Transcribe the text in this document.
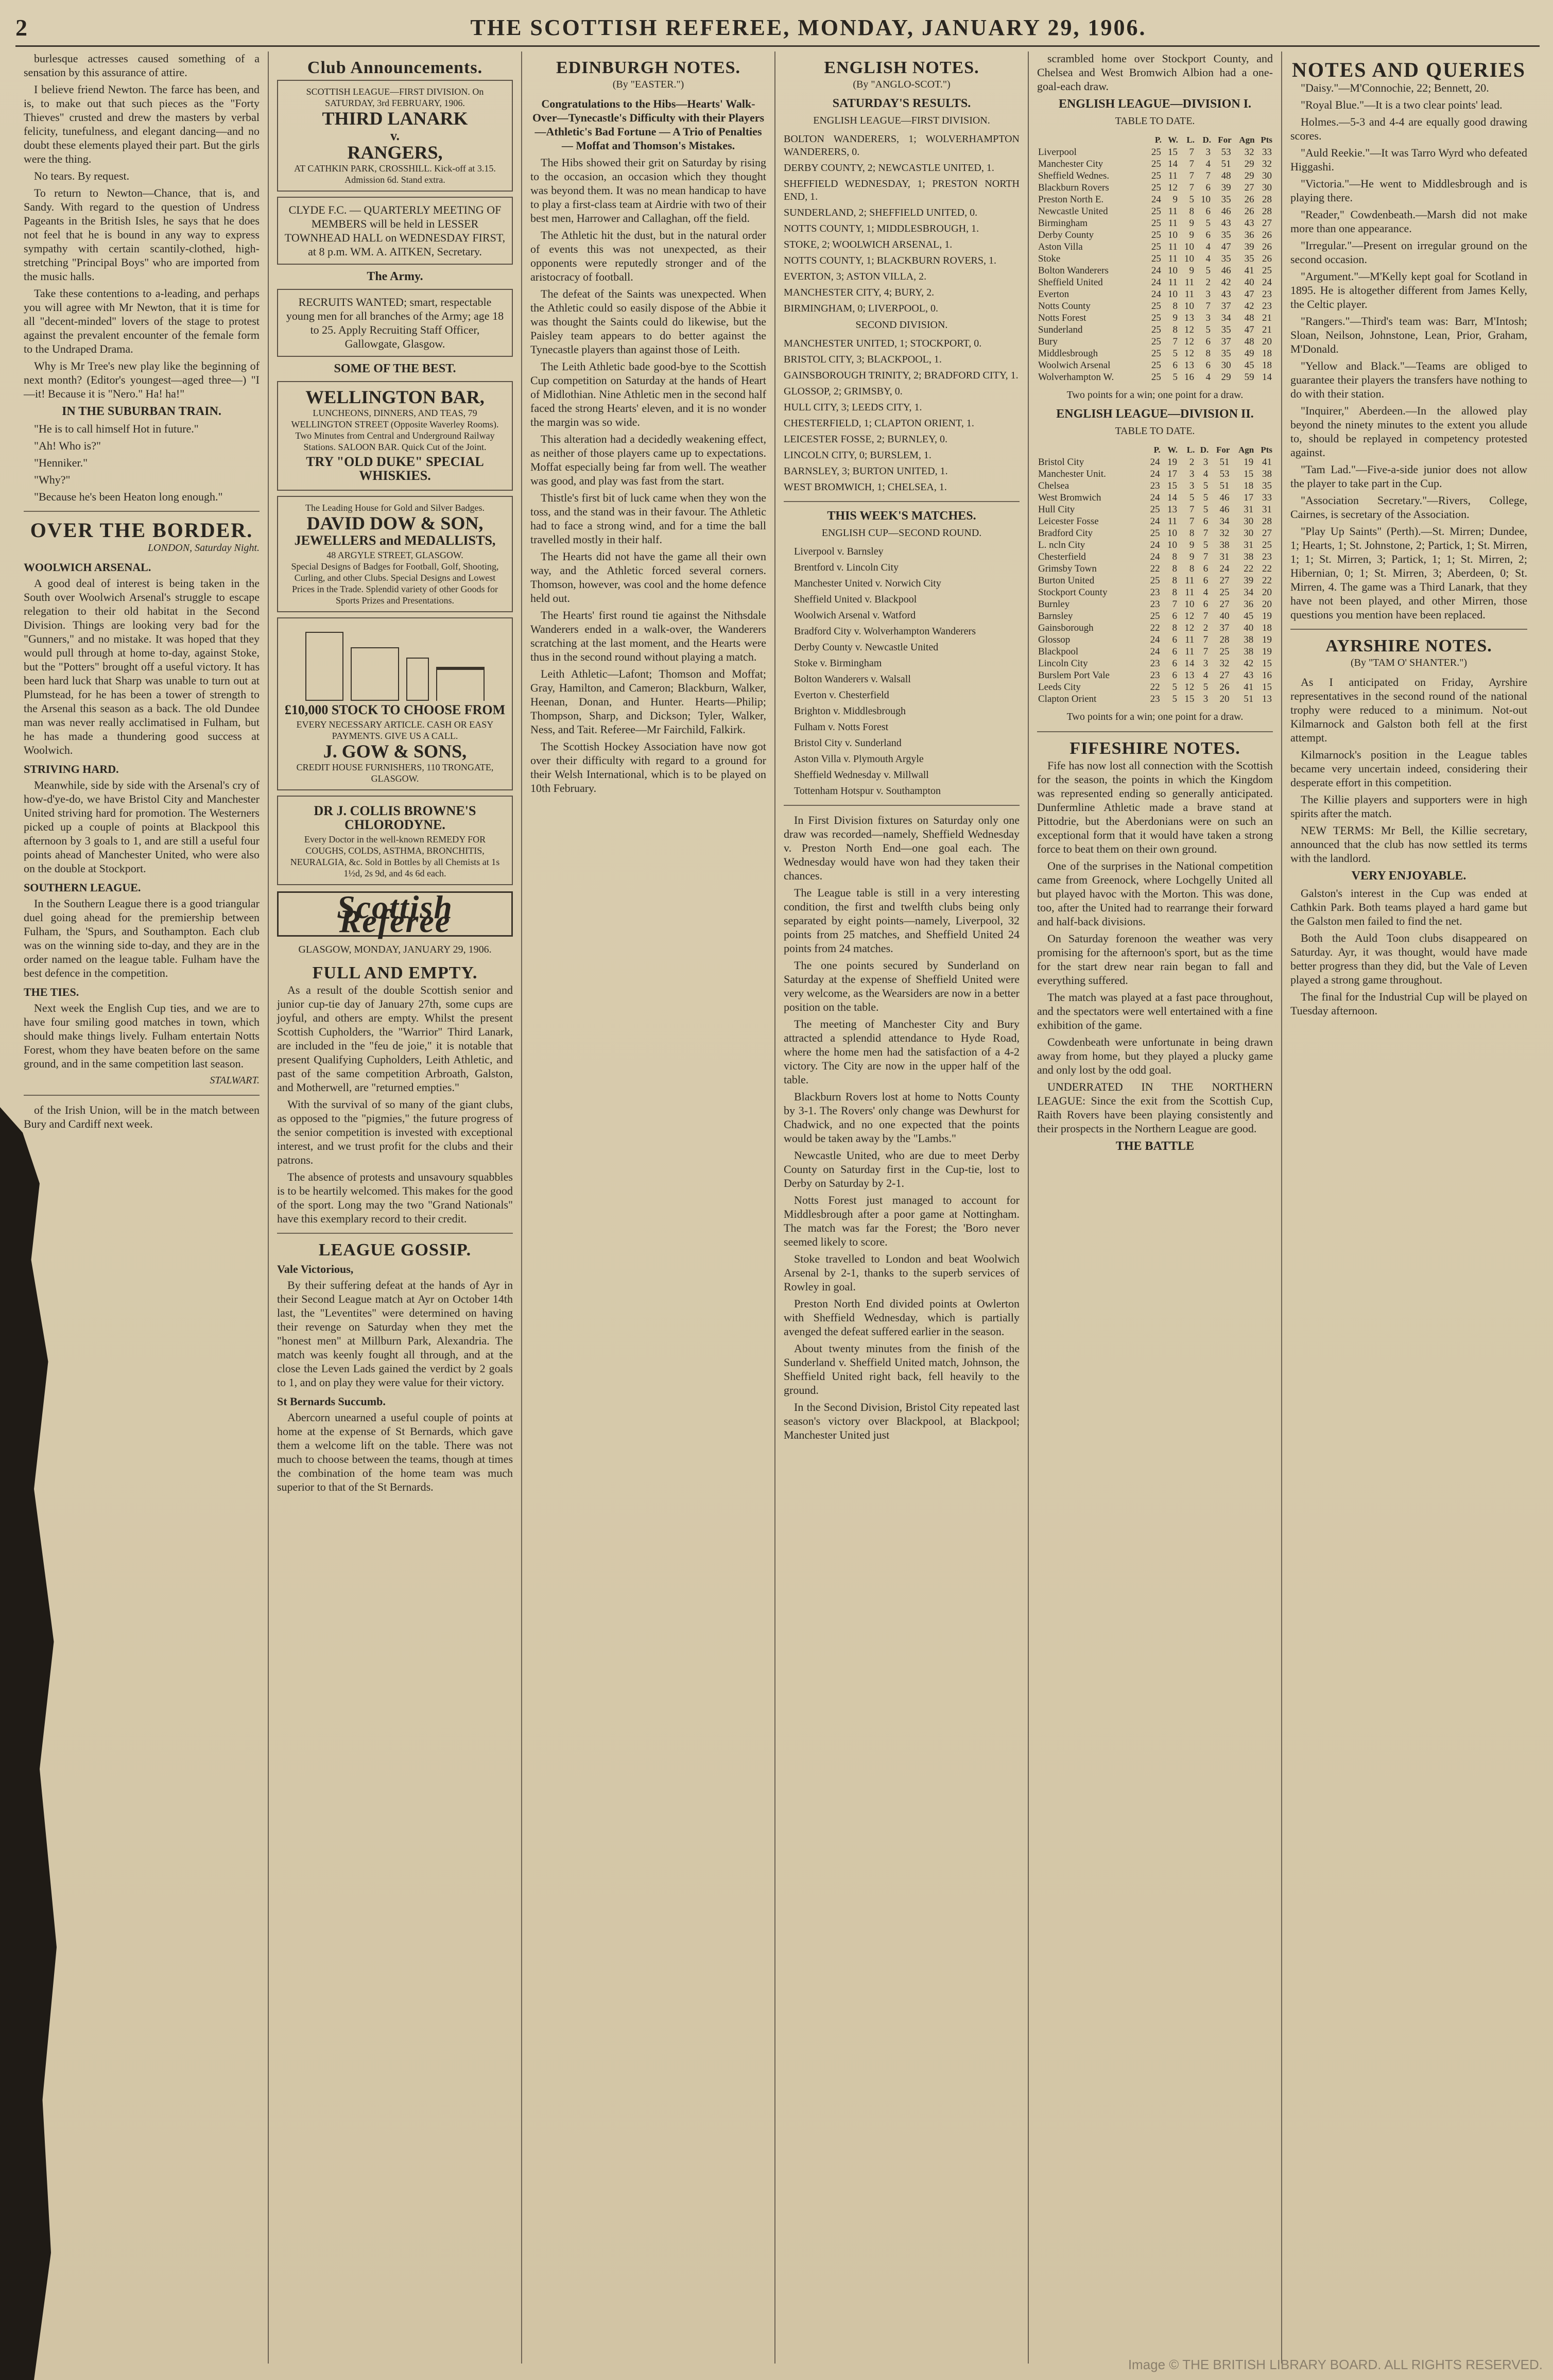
2	THE SCOTTISH REFEREE, MONDAY, JANUARY 29, 1906.

burlesque actresses caused something of a sensation by this assurance of attire.

I believe friend Newton. The farce has been, and is, to make out that such pieces as the "Forty Thieves" crusted and drew the masters by verbal felicity, tunefulness, and elegant dancing—and no doubt these elements played their part. But the girls were the thing.

No tears. By request.

To return to Newton—Chance, that is, and Sandy. With regard to the question of Undress Pageants in the British Isles, he says that he does not feel that he is bound in any way to express sympathy with certain scantily-clothed, high-stretching "Principal Boys" who are imported from the music halls.

Take these contentions to a-leading, and perhaps you will agree with Mr Newton, that it is time for all "decent-minded" lovers of the stage to protest against the prevalent encounter of the female form to the Undraped Drama.

Why is Mr Tree's new play like the beginning of next month? (Editor's youngest—aged three—) "I—it! Because it is "Nero." Ha! ha!"

IN THE SUBURBAN TRAIN.

"He is to call himself Hot in future."

"Ah! Who is?"

"Henniker."

"Why?"

"Because he's been Heaton long enough."

OVER THE BORDER.
LONDON, Saturday Night.
WOOLWICH ARSENAL.

A good deal of interest is being taken in the South over Woolwich Arsenal's struggle to escape relegation to their old habitat in the Second Division. Things are looking very bad for the "Gunners," and no mistake. It was hoped that they would pull through at home to-day, against Stoke, but the "Potters" brought off a useful victory. It has been hard luck that Sharp was unable to turn out at Plumstead, for he has been a tower of strength to the Arsenal this season as a back. The old Dundee man was never really acclimatised in Fulham, but he has made a thundering good success at Woolwich.

STRIVING HARD.

Meanwhile, side by side with the Arsenal's cry of how-d'ye-do, we have Bristol City and Manchester United striving hard for promotion. The Westerners picked up a couple of points at Blackpool this afternoon by 3 goals to 1, and are still a useful four points ahead of Manchester United, who were also on the double at Stockport.

SOUTHERN LEAGUE.

In the Southern League there is a good triangular duel going ahead for the premiership between Fulham, the 'Spurs, and Southampton. Each club was on the winning side to-day, and they are in the order named on the league table. Fulham have the best defence in the competition.

THE TIES.

Next week the English Cup ties, and we are to have four smiling good matches in town, which should make things lively. Fulham entertain Notts Forest, whom they have beaten before on the same ground, and in the same competition last season.

STALWART.

of the Irish Union, will be in the match between Bury and Cardiff next week.

Club Announcements.
SCOTTISH LEAGUE—FIRST DIVISION. On SATURDAY, 3rd FEBRUARY, 1906.
THIRD LANARK
v.
RANGERS,
AT CATHKIN PARK, CROSSHILL. Kick-off at 3.15. Admission 6d. Stand extra.
CLYDE F.C. — QUARTERLY MEETING OF MEMBERS will be held in LESSER TOWNHEAD HALL on WEDNESDAY FIRST, at 8 p.m. WM. A. AITKEN, Secretary.
The Army.
RECRUITS WANTED; smart, respectable young men for all branches of the Army; age 18 to 25. Apply Recruiting Staff Officer, Gallowgate, Glasgow.
SOME OF THE BEST.
WELLINGTON BAR,
LUNCHEONS, DINNERS, AND TEAS, 79 WELLINGTON STREET (Opposite Waverley Rooms). Two Minutes from Central and Underground Railway Stations. SALOON BAR. Quick Cut of the Joint.
TRY "OLD DUKE" SPECIAL WHISKIES.
The Leading House for Gold and Silver Badges.
DAVID DOW & SON,
JEWELLERS and MEDALLISTS,
48 ARGYLE STREET, GLASGOW.
Special Designs of Badges for Football, Golf, Shooting, Curling, and other Clubs. Special Designs and Lowest Prices in the Trade. Splendid variety of other Goods for Sports Prizes and Presentations.
£10,000 STOCK TO CHOOSE FROM
EVERY NECESSARY ARTICLE. CASH OR EASY PAYMENTS. GIVE US A CALL.
J. GOW & SONS,
CREDIT HOUSE FURNISHERS, 110 TRONGATE, GLASGOW.
DR J. COLLIS BROWNE'S CHLORODYNE.
Every Doctor in the well-known REMEDY FOR COUGHS, COLDS, ASTHMA, BRONCHITIS, NEURALGIA, &c. Sold in Bottles by all Chemists at 1s 1½d, 2s 9d, and 4s 6d each.
Scottish Referee
GLASGOW, MONDAY, JANUARY 29, 1906.
FULL AND EMPTY.

As a result of the double Scottish senior and junior cup-tie day of January 27th, some cups are joyful, and others are empty. Whilst the present Scottish Cupholders, the "Warrior" Third Lanark, are included in the "feu de joie," it is notable that present Qualifying Cupholders, Leith Athletic, and past of the same competition Arbroath, Galston, and Motherwell, are "returned empties."

With the survival of so many of the giant clubs, as opposed to the "pigmies," the future progress of the senior competition is invested with exceptional interest, and we trust profit for the clubs and their patrons.

The absence of protests and unsavoury squabbles is to be heartily welcomed. This makes for the good of the sport. Long may the two "Grand Nationals" have this exemplary record to their credit.

LEAGUE GOSSIP.
Vale Victorious,

By their suffering defeat at the hands of Ayr in their Second League match at Ayr on October 14th last, the "Leventites" were determined on having their revenge on Saturday when they met the "honest men" at Millburn Park, Alexandria. The match was keenly fought all through, and at the close the Leven Lads gained the verdict by 2 goals to 1, and on play they were value for their victory.

St Bernards Succumb.

Abercorn unearned a useful couple of points at home at the expense of St Bernards, which gave them a welcome lift on the table. There was not much to choose between the teams, though at times the combination of the home team was much superior to that of the St Bernards.

EDINBURGH NOTES.
(By "EASTER.")

Congratulations to the Hibs—Hearts' Walk-Over—Tynecastle's Difficulty with their Players—Athletic's Bad Fortune — A Trio of Penalties — Moffat and Thomson's Mistakes.

The Hibs showed their grit on Saturday by rising to the occasion, an occasion which they thought was beyond them. It was no mean handicap to have to play a first-class team at Airdrie with two of their best men, Harrower and Callaghan, off the field.

The Athletic hit the dust, but in the natural order of events this was not unexpected, as their opponents were reputedly stronger and of the aristocracy of football.

The defeat of the Saints was unexpected. When the Athletic could so easily dispose of the Abbie it was thought the Saints could do likewise, but the Paisley team appears to do better against the Tynecastle players than against those of Leith.

The Leith Athletic bade good-bye to the Scottish Cup competition on Saturday at the hands of Heart of Midlothian. Nine Athletic men in the second half faced the strong Hearts' eleven, and it is no wonder the margin was so wide.

This alteration had a decidedly weakening effect, as neither of those players came up to expectations. Moffat especially being far from well. The weather was good, and play was fast from the start.

Thistle's first bit of luck came when they won the toss, and the stand was in their favour. The Athletic had to face a strong wind, and for a time the ball travelled mostly in their half.

The Hearts did not have the game all their own way, and the Athletic forced several corners. Thomson, however, was cool and the home defence held out.

The Hearts' first round tie against the Nithsdale Wanderers ended in a walk-over, the Wanderers scratching at the last moment, and the Hearts were thus in the second round without playing a match.

Leith Athletic—Lafont; Thomson and Moffat; Gray, Hamilton, and Cameron; Blackburn, Walker, Heenan, Donan, and Hunter. Hearts—Philip; Thompson, Sharp, and Dickson; Tyler, Walker, Ness, and Tait. Referee—Mr Fairchild, Falkirk.

The Scottish Hockey Association have now got over their difficulty with regard to a ground for their Welsh International, which is to be played on 10th February.

ENGLISH NOTES.
(By "ANGLO-SCOT.")
SATURDAY'S RESULTS.
ENGLISH LEAGUE—FIRST DIVISION.

BOLTON WANDERERS, 1; WOLVERHAMPTON WANDERERS, 0.

DERBY COUNTY, 2; NEWCASTLE UNITED, 1.

SHEFFIELD WEDNESDAY, 1; PRESTON NORTH END, 1.

SUNDERLAND, 2; SHEFFIELD UNITED, 0.

NOTTS COUNTY, 1; MIDDLESBROUGH, 1.

STOKE, 2; WOOLWICH ARSENAL, 1.

NOTTS COUNTY, 1; BLACKBURN ROVERS, 1.

EVERTON, 3; ASTON VILLA, 2.

MANCHESTER CITY, 4; BURY, 2.

BIRMINGHAM, 0; LIVERPOOL, 0.

SECOND DIVISION.

MANCHESTER UNITED, 1; STOCKPORT, 0.

BRISTOL CITY, 3; BLACKPOOL, 1.

GAINSBOROUGH TRINITY, 2; BRADFORD CITY, 1.

GLOSSOP, 2; GRIMSBY, 0.

HULL CITY, 3; LEEDS CITY, 1.

CHESTERFIELD, 1; CLAPTON ORIENT, 1.

LEICESTER FOSSE, 2; BURNLEY, 0.

LINCOLN CITY, 0; BURSLEM, 1.

BARNSLEY, 3; BURTON UNITED, 1.

WEST BROMWICH, 1; CHELSEA, 1.

THIS WEEK'S MATCHES.
ENGLISH CUP—SECOND ROUND.

Liverpool v. Barnsley

Brentford v. Lincoln City

Manchester United v. Norwich City

Sheffield United v. Blackpool

Woolwich Arsenal v. Watford

Bradford City v. Wolverhampton Wanderers

Derby County v. Newcastle United

Stoke v. Birmingham

Bolton Wanderers v. Walsall

Everton v. Chesterfield

Brighton v. Middlesbrough

Fulham v. Notts Forest

Bristol City v. Sunderland

Aston Villa v. Plymouth Argyle

Sheffield Wednesday v. Millwall

Tottenham Hotspur v. Southampton

In First Division fixtures on Saturday only one draw was recorded—namely, Sheffield Wednesday v. Preston North End—one goal each. The Wednesday would have won had they taken their chances.

The League table is still in a very interesting condition, the first and twelfth clubs being only separated by eight points—namely, Liverpool, 32 points from 25 matches, and Sheffield United 24 points from 24 matches.

The one points secured by Sunderland on Saturday at the expense of Sheffield United were very welcome, as the Wearsiders are now in a better position on the table.

The meeting of Manchester City and Bury attracted a splendid attendance to Hyde Road, where the home men had the satisfaction of a 4-2 victory. The City are now in the upper half of the table.

Blackburn Rovers lost at home to Notts County by 3-1. The Rovers' only change was Dewhurst for Chadwick, and no one expected that the points would be taken away by the "Lambs."

Newcastle United, who are due to meet Derby County on Saturday first in the Cup-tie, lost to Derby on Saturday by 2-1.

Notts Forest just managed to account for Middlesbrough after a poor game at Nottingham. The match was far the Forest; the 'Boro never seemed likely to score.

Stoke travelled to London and beat Woolwich Arsenal by 2-1, thanks to the superb services of Rowley in goal.

Preston North End divided points at Owlerton with Sheffield Wednesday, which is partially avenged the defeat suffered earlier in the season.

About twenty minutes from the finish of the Sunderland v. Sheffield United match, Johnson, the Sheffield United right back, fell heavily to the ground.

In the Second Division, Bristol City repeated last season's victory over Blackpool, at Blackpool; Manchester United just

scrambled home over Stockport County, and Chelsea and West Bromwich Albion had a one-goal-each draw.

ENGLISH LEAGUE—DIVISION I.
TABLE TO DATE.
	P.	W.	L.	D.	For	Agn	Pts
Liverpool	25	15	7	3	53	32	33
Manchester City	25	14	7	4	51	29	32
Sheffield Wednes.	25	11	7	7	48	29	30
Blackburn Rovers	25	12	7	6	39	27	30
Preston North E.	24	9	5	10	35	26	28
Newcastle United	25	11	8	6	46	26	28
Birmingham	25	11	9	5	43	43	27
Derby County	25	10	9	6	35	36	26
Aston Villa	25	11	10	4	47	39	26
Stoke	25	11	10	4	35	35	26
Bolton Wanderers	24	10	9	5	46	41	25
Sheffield United	24	11	11	2	42	40	24
Everton	24	10	11	3	43	47	23
Notts County	25	8	10	7	37	42	23
Notts Forest	25	9	13	3	34	48	21
Sunderland	25	8	12	5	35	47	21
Bury	25	7	12	6	37	48	20
Middlesbrough	25	5	12	8	35	49	18
Woolwich Arsenal	25	6	13	6	30	45	18
Wolverhampton W.	25	5	16	4	29	59	14
Two points for a win; one point for a draw.
ENGLISH LEAGUE—DIVISION II.
TABLE TO DATE.
	P.	W.	L.	D.	For	Agn	Pts
Bristol City	24	19	2	3	51	19	41
Manchester Unit.	24	17	3	4	53	15	38
Chelsea	23	15	3	5	51	18	35
West Bromwich	24	14	5	5	46	17	33
Hull City	25	13	7	5	46	31	31
Leicester Fosse	24	11	7	6	34	30	28
Bradford City	25	10	8	7	32	30	27
L. ncln City	24	10	9	5	38	31	25
Chesterfield	24	8	9	7	31	38	23
Grimsby Town	22	8	8	6	24	22	22
Burton United	25	8	11	6	27	39	22
Stockport County	23	8	11	4	25	34	20
Burnley	23	7	10	6	27	36	20
Barnsley	25	6	12	7	40	45	19
Gainsborough	22	8	12	2	37	40	18
Glossop	24	6	11	7	28	38	19
Blackpool	24	6	11	7	25	38	19
Lincoln City	23	6	14	3	32	42	15
Burslem Port Vale	23	6	13	4	27	43	16
Leeds City	22	5	12	5	26	41	15
Clapton Orient	23	5	15	3	20	51	13
Two points for a win; one point for a draw.
FIFESHIRE NOTES.

Fife has now lost all connection with the Scottish for the season, the points in which the Kingdom was represented ending so generally anticipated. Dunfermline Athletic made a brave stand at Pittodrie, but the Aberdonians were on such an exceptional form that it would have taken a strong force to beat them on their own ground.

One of the surprises in the National competition came from Greenock, where Lochgelly United all but played havoc with the Morton. This was done, too, after the United had to rearrange their forward and half-back divisions.

On Saturday forenoon the weather was very promising for the afternoon's sport, but as the time for the start drew near rain began to fall and everything suffered.

The match was played at a fast pace throughout, and the spectators were well entertained with a fine exhibition of the game.

Cowdenbeath were unfortunate in being drawn away from home, but they played a plucky game and only lost by the odd goal.

UNDERRATED IN THE NORTHERN LEAGUE: Since the exit from the Scottish Cup, Raith Rovers have been playing consistently and their prospects in the Northern League are good.

THE BATTLE
NOTES AND QUERIES

"Daisy."—M'Connochie, 22; Bennett, 20.

"Royal Blue."—It is a two clear points' lead.

Holmes.—5-3 and 4-4 are equally good drawing scores.

"Auld Reekie."—It was Tarro Wyrd who defeated Higgashi.

"Victoria."—He went to Middlesbrough and is playing there.

"Reader," Cowdenbeath.—Marsh did not make more than one appearance.

"Irregular."—Present on irregular ground on the second occasion.

"Argument."—M'Kelly kept goal for Scotland in 1895. He is altogether different from James Kelly, the Celtic player.

"Rangers."—Third's team was: Barr, M'Intosh; Sloan, Neilson, Johnstone, Lean, Prior, Graham, M'Donald.

"Yellow and Black."—Teams are obliged to guarantee their players the transfers have nothing to do with their station.

"Inquirer," Aberdeen.—In the allowed play beyond the ninety minutes to the extent you allude to, should be replayed in competency protested against.

"Tam Lad."—Five-a-side junior does not allow the player to take part in the Cup.

"Association Secretary."—Rivers, College, Cairnes, is secretary of the Association.

"Play Up Saints" (Perth).—St. Mirren; Dundee, 1; Hearts, 1; St. Johnstone, 2; Partick, 1; St. Mirren, 1; 1; St. Mirren, 3; Partick, 1; 1; St. Mirren, 2; Hibernian, 0; 1; St. Mirren, 3; Aberdeen, 0; St. Mirren, 4. The game was a Third Lanark, that they have not been played, and other Mirren, those questions you mention have been replaced.

AYRSHIRE NOTES.
(By "TAM O' SHANTER.")

As I anticipated on Friday, Ayrshire representatives in the second round of the national trophy were reduced to a minimum. Not-out Kilmarnock and Galston both fell at the first attempt.

Kilmarnock's position in the League tables became very uncertain indeed, considering their desperate effort in this competition.

The Killie players and supporters were in high spirits after the match.

NEW TERMS: Mr Bell, the Killie secretary, announced that the club has now settled its terms with the landlord.

VERY ENJOYABLE.

Galston's interest in the Cup was ended at Cathkin Park. Both teams played a hard game but the Galston men failed to find the net.

Both the Auld Toon clubs disappeared on Saturday. Ayr, it was thought, would have made better progress than they did, but the Vale of Leven played a strong game throughout.

The final for the Industrial Cup will be played on Tuesday afternoon.

Image © THE BRITISH LIBRARY BOARD. ALL RIGHTS RESERVED.
